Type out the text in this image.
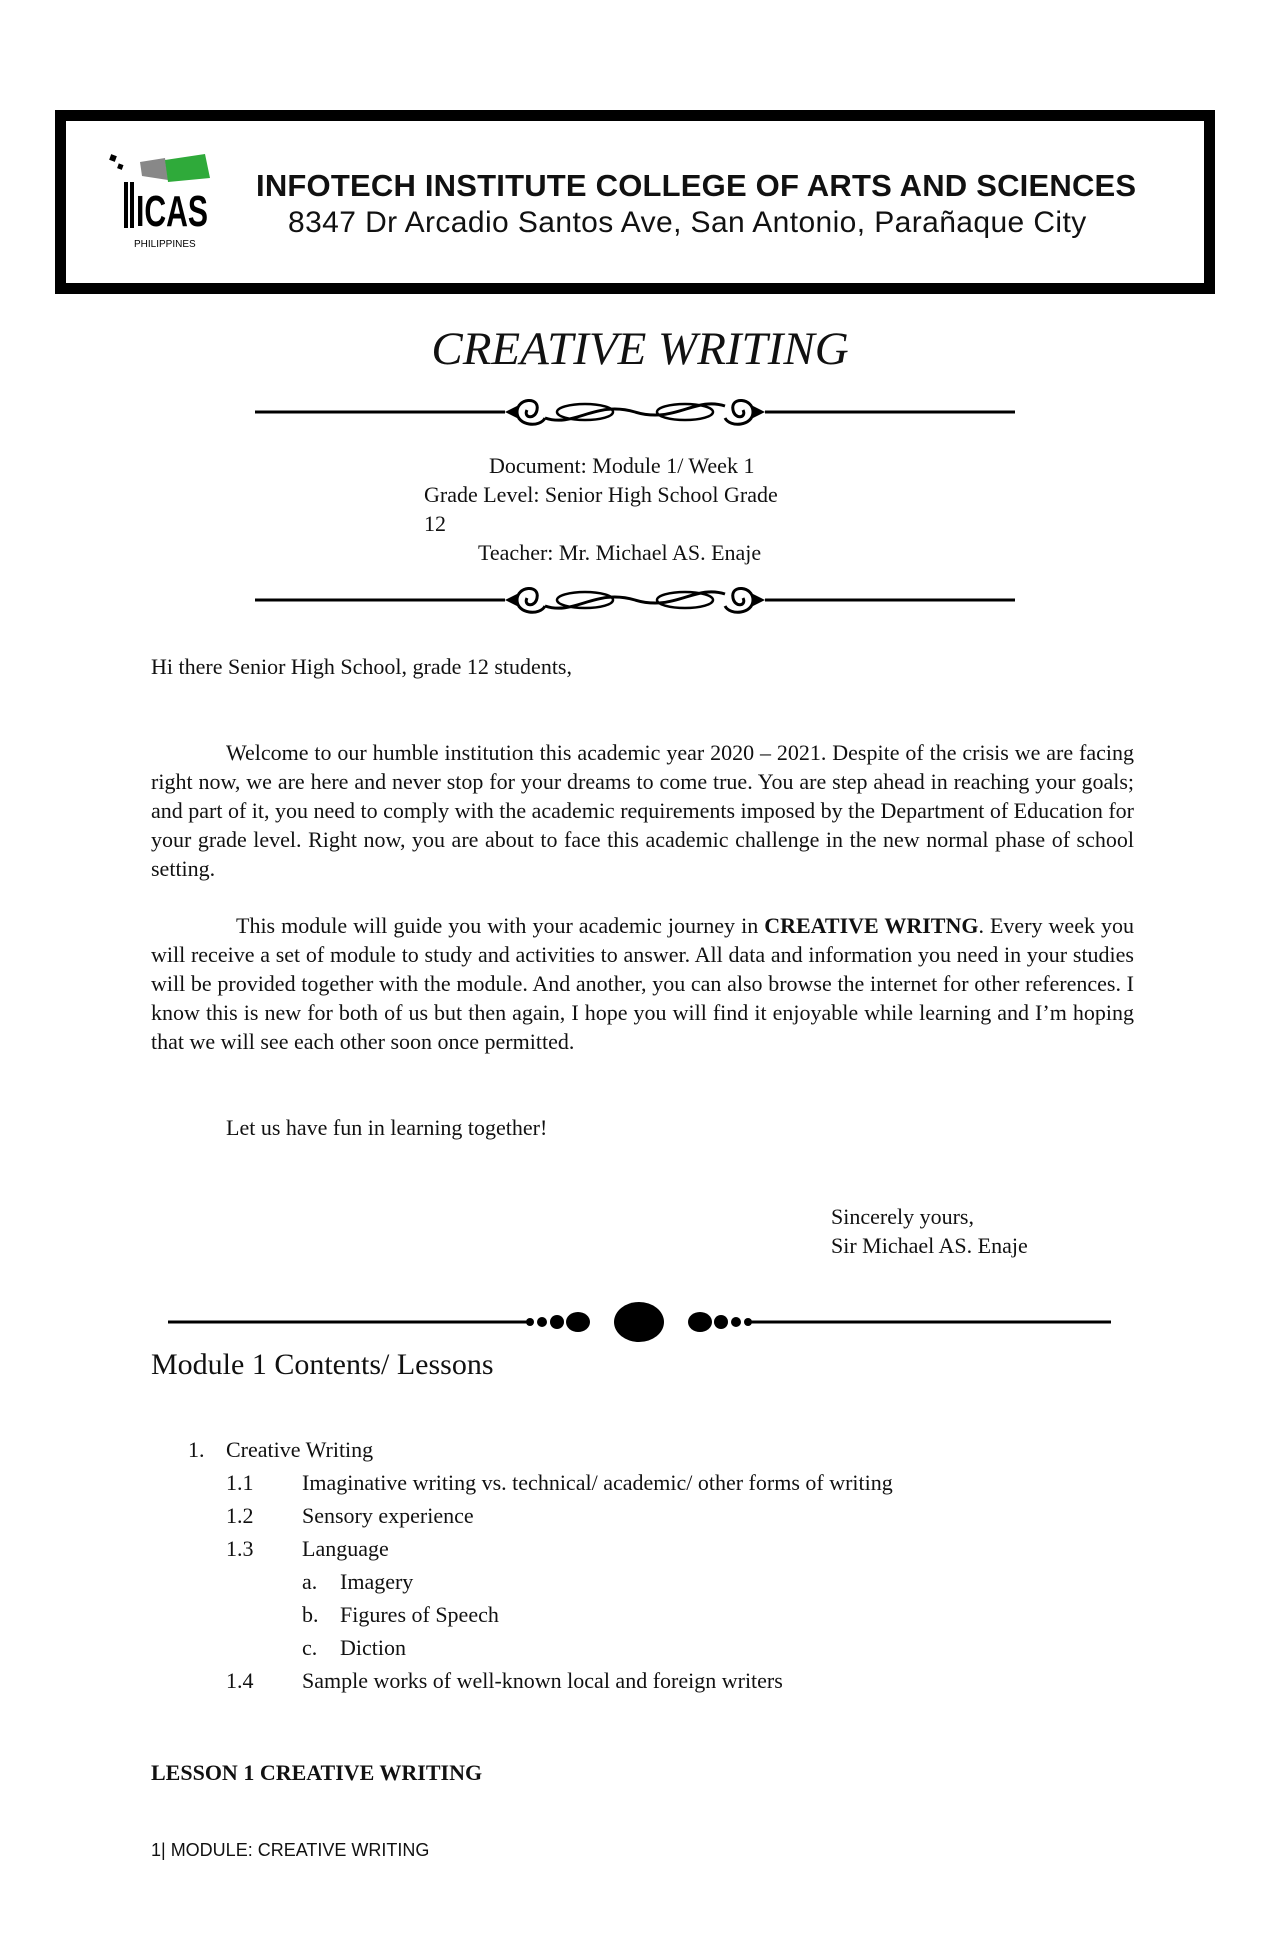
ICAS
PHILIPPINES
INFOTECH INSTITUTE COLLEGE OF ARTS AND SCIENCES
8347 Dr Arcadio Santos Ave, San Antonio, Parañaque City
CREATIVE WRITING
Document: Module 1/ Week 1
Grade Level: Senior High School Grade
12
Teacher: Mr. Michael AS. Enaje
Hi there Senior High School, grade 12 students,

Welcome to our humble institution this academic year 2020 – 2021. Despite of the crisis we are facing right now, we are here and never stop for your dreams to come true. You are step ahead in reaching your goals; and part of it, you need to comply with the academic requirements imposed by the Department of Education for your grade level. Right now, you are about to face this academic challenge in the new normal phase of school setting.

This module will guide you with your academic journey in CREATIVE WRITNG. Every week you will receive a set of module to study and activities to answer. All data and information you need in your studies will be provided together with the module. And another, you can also browse the internet for other references. I know this is new for both of us but then again, I hope you will find it enjoyable while learning and I’m hoping that we will see each other soon once permitted.

Let us have fun in learning together!
Sincerely yours,
Sir Michael AS. Enaje
Module 1 Contents/ Lessons
1. Creative Writing
1.1 Imaginative writing vs. technical/ academic/ other forms of writing
1.2 Sensory experience
1.3 Language
a. Imagery
b. Figures of Speech
c. Diction
1.4 Sample works of well-known local and foreign writers
LESSON 1 CREATIVE WRITING
1| MODULE: CREATIVE WRITING
